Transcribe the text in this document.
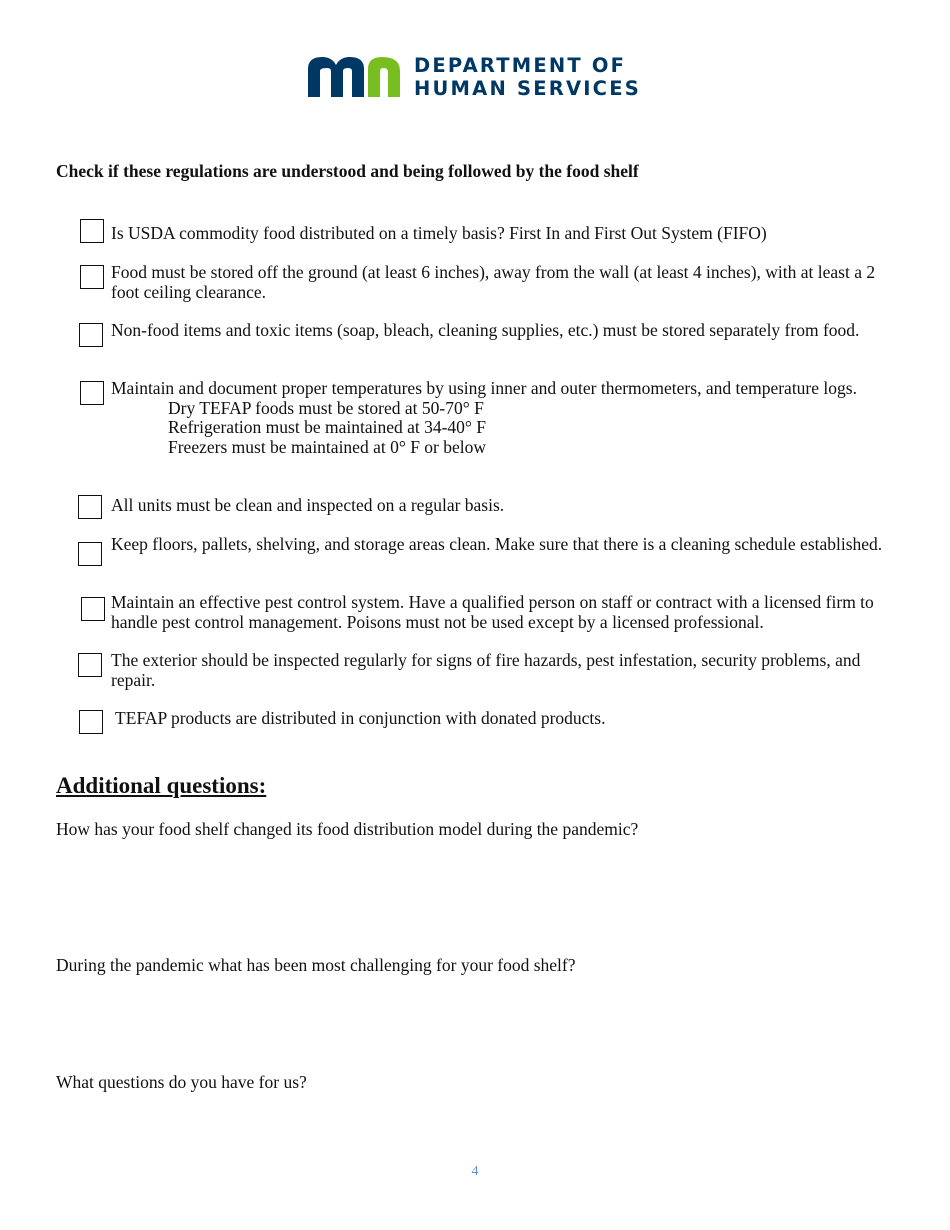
DEPARTMENT OF
HUMAN SERVICES
Check if these regulations are understood and being followed by the food shelf
Is USDA commodity food distributed on a timely basis? First In and First Out System (FIFO)
Food must be stored off the ground (at least 6 inches), away from the wall (at least 4 inches), with at least a 2 foot ceiling clearance.
Non-food items and toxic items (soap, bleach, cleaning supplies, etc.) must be stored separately from food.
Maintain and document proper temperatures by using inner and outer thermometers, and temperature logs.
Dry TEFAP foods must be stored at 50-70° F
Refrigeration must be maintained at 34-40° F
Freezers must be maintained at 0° F or below
All units must be clean and inspected on a regular basis.
Keep floors, pallets, shelving, and storage areas clean. Make sure that there is a cleaning schedule established.
Maintain an effective pest control system. Have a qualified person on staff or contract with a licensed firm to handle pest control management. Poisons must not be used except by a licensed professional.
The exterior should be inspected regularly for signs of fire hazards, pest infestation, security problems, and repair.
TEFAP products are distributed in conjunction with donated products.
Additional questions:
How has your food shelf changed its food distribution model during the pandemic?
During the pandemic what has been most challenging for your food shelf?
What questions do you have for us?
4
